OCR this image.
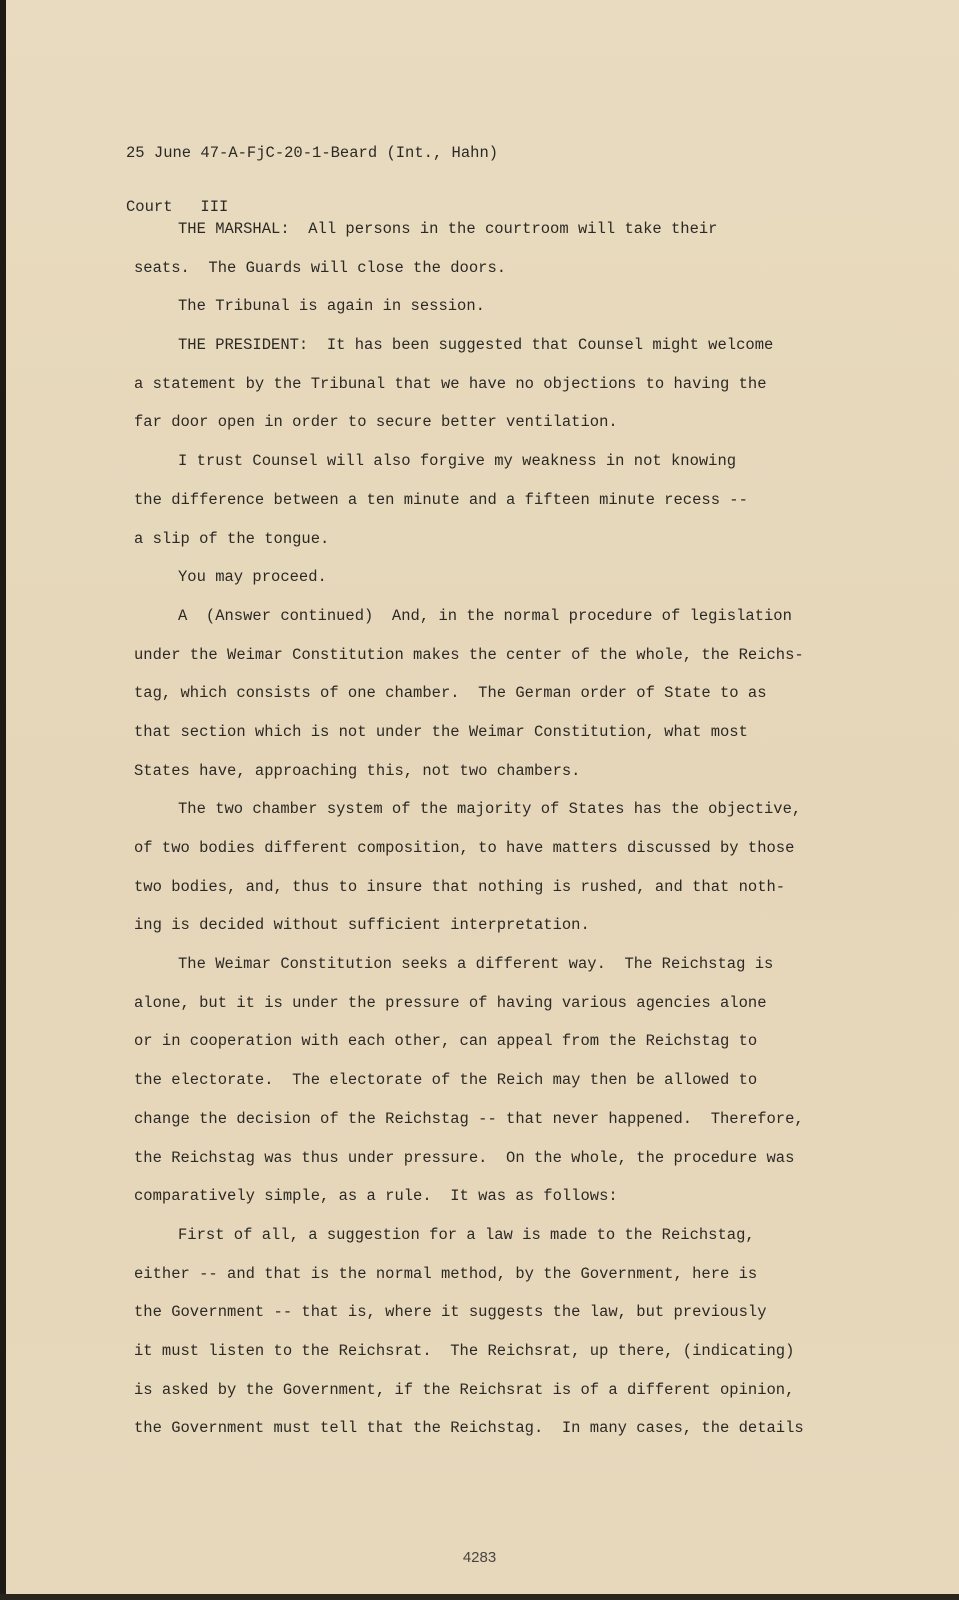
25 June 47-A-FjC-20-1-Beard (Int., Hahn)

Court   III

THE MARSHAL:  All persons in the courtroom will take their
seats.  The Guards will close the doors.
The Tribunal is again in session.
THE PRESIDENT:  It has been suggested that Counsel might welcome
a statement by the Tribunal that we have no objections to having the
far door open in order to secure better ventilation.
I trust Counsel will also forgive my weakness in not knowing
the difference between a ten minute and a fifteen minute recess --
a slip of the tongue.
You may proceed.
A  (Answer continued)  And, in the normal procedure of legislation
under the Weimar Constitution makes the center of the whole, the Reichs-
tag, which consists of one chamber.  The German order of State to as
that section which is not under the Weimar Constitution, what most
States have, approaching this, not two chambers.
The two chamber system of the majority of States has the objective,
of two bodies different composition, to have matters discussed by those
two bodies, and, thus to insure that nothing is rushed, and that noth-
ing is decided without sufficient interpretation.
The Weimar Constitution seeks a different way.  The Reichstag is
alone, but it is under the pressure of having various agencies alone
or in cooperation with each other, can appeal from the Reichstag to
the electorate.  The electorate of the Reich may then be allowed to
change the decision of the Reichstag -- that never happened.  Therefore,
the Reichstag was thus under pressure.  On the whole, the procedure was
comparatively simple, as a rule.  It was as follows:
First of all, a suggestion for a law is made to the Reichstag,
either -- and that is the normal method, by the Government, here is
the Government -- that is, where it suggests the law, but previously
it must listen to the Reichsrat.  The Reichsrat, up there, (indicating)
is asked by the Government, if the Reichsrat is of a different opinion,
the Government must tell that the Reichstag.  In many cases, the details
4283
